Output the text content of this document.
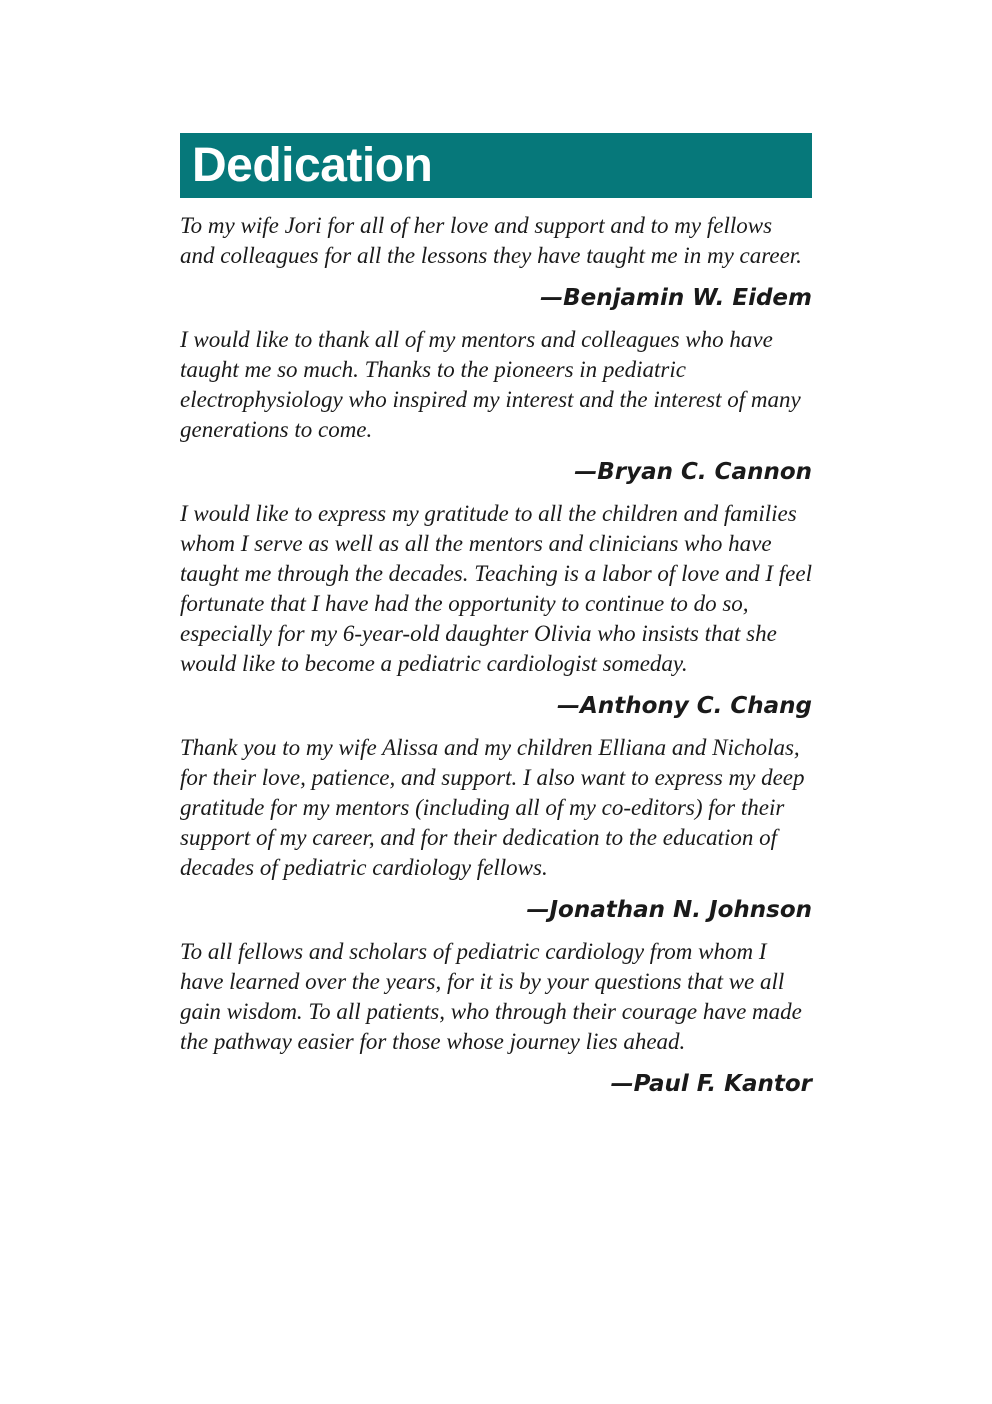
Dedication

To my wife Jori for all of her love and support and to my fellows and colleagues for all the lessons they have taught me in my career.

—Benjamin W. Eidem

I would like to thank all of my mentors and colleagues who have taught me so much. Thanks to the pioneers in pediatric electrophysiology who inspired my interest and the interest of many generations to come.

—Bryan C. Cannon

I would like to express my gratitude to all the children and families whom I serve as well as all the mentors and clinicians who have taught me through the decades. Teaching is a labor of love and I feel fortunate that I have had the opportunity to continue to do so, especially for my 6-year-old daughter Olivia who insists that she would like to become a pediatric cardiologist someday.

—Anthony C. Chang

Thank you to my wife Alissa and my children Elliana and Nicholas, for their love, patience, and support. I also want to express my deep gratitude for my mentors (including all of my co-editors) for their support of my career, and for their dedication to the education of decades of pediatric cardiology fellows.

—Jonathan N. Johnson

To all fellows and scholars of pediatric cardiology from whom I have learned over the years, for it is by your questions that we all gain wisdom. To all patients, who through their courage have made the pathway easier for those whose journey lies ahead.

—Paul F. Kantor
